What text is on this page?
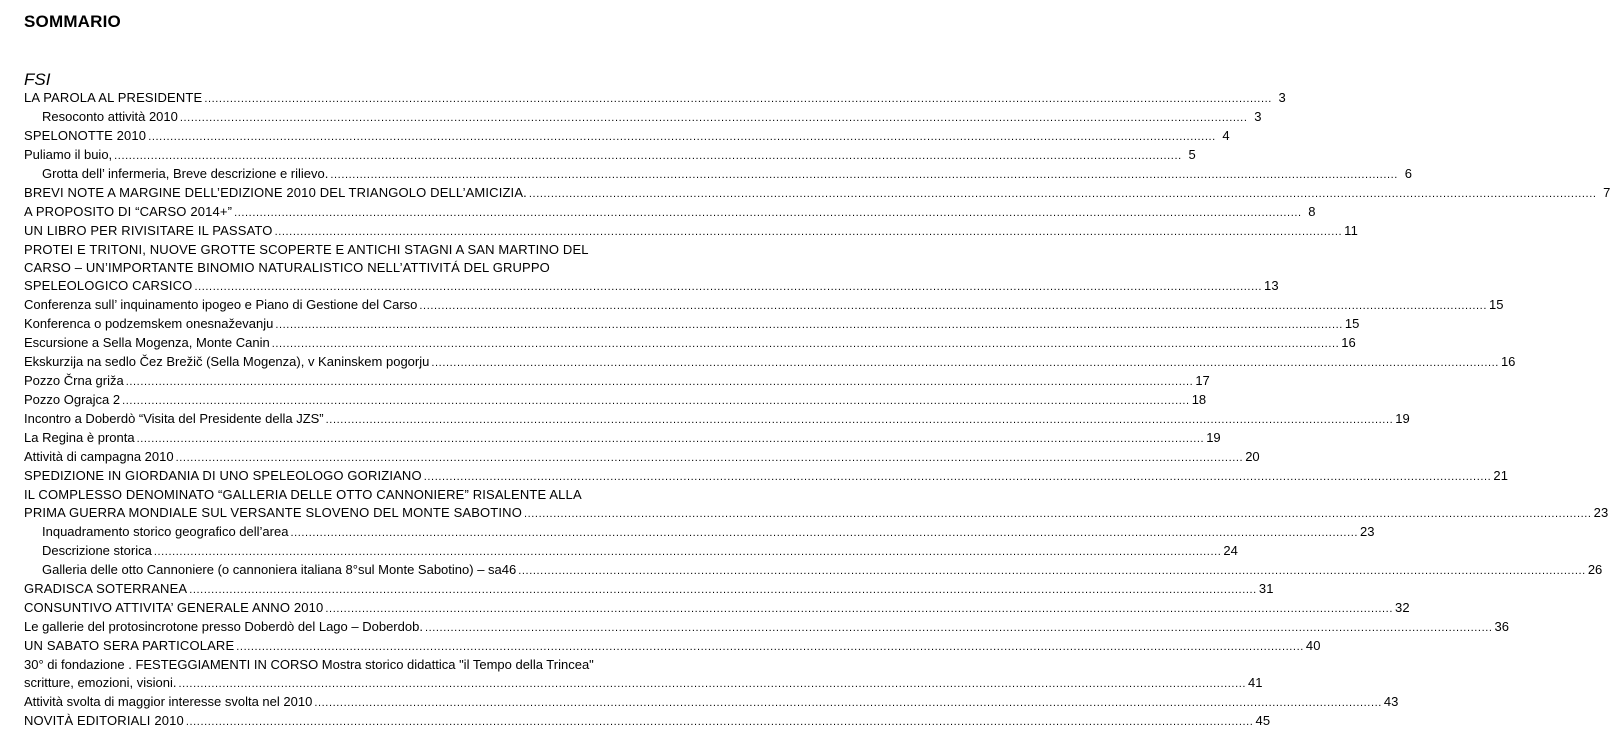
SOMMARIO
FSI
LA PAROLA AL PRESIDENTE .....	3
Resoconto attività 2010 .....	3
SPELONOTTE 2010 .....	4
Puliamo il buio, .....	5
Grotta dell’ infermeria, Breve descrizione e rilievo. .....	6
BREVI NOTE A MARGINE DELL’EDIZIONE 2010 DEL TRIANGOLO DELL’AMICIZIA. .....	7
A PROPOSITO DI “CARSO 2014+” .....	8
UN LIBRO PER RIVISITARE IL PASSATO .....	11
PROTEI E TRITONI, NUOVE GROTTE SCOPERTE E ANTICHI STAGNI A SAN MARTINO DEL
CARSO – UN’IMPORTANTE BINOMIO NATURALISTICO NELL’ATTIVITÁ DEL GRUPPO
SPELEOLOGICO CARSICO .....	13
Conferenza sull’ inquinamento ipogeo e Piano di Gestione del Carso .....	15
Konferenca o podzemskem onesnaževanju .....	15
Escursione a Sella Mogenza, Monte Canin .....	16
Ekskurzija na sedlo Čez Brežič (Sella Mogenza), v Kaninskem pogorju .....	16
Pozzo Črna griža .....	17
Pozzo Ograjca 2 .....	18
Incontro a Doberdò “Visita del Presidente della JZS” .....	19
La Regina è pronta .....	19
Attività di campagna 2010 .....	20
SPEDIZIONE IN GIORDANIA DI UNO SPELEOLOGO GORIZIANO .....	21
IL COMPLESSO DENOMINATO “GALLERIA DELLE OTTO CANNONIERE” RISALENTE ALLA
PRIMA GUERRA MONDIALE SUL VERSANTE SLOVENO DEL MONTE SABOTINO .....	23
Inquadramento storico geografico dell’area .....	23
Descrizione storica .....	24
Galleria delle otto Cannoniere (o cannoniera italiana 8°sul Monte Sabotino) – sa46 .....	26
GRADISCA SOTERRANEA .....	31
CONSUNTIVO ATTIVITA’ GENERALE ANNO 2010 .....	32
Le gallerie del protosincrotone presso Doberdò del Lago – Doberdob. .....	36
UN SABATO SERA PARTICOLARE .....	40
30° di fondazione . FESTEGGIAMENTI IN CORSO Mostra storico didattica "il Tempo della Trincea"
scritture, emozioni, visioni. .....	41
Attività svolta di maggior interesse svolta nel 2010 .....	43
NOVITÀ EDITORIALI 2010 .....	45
